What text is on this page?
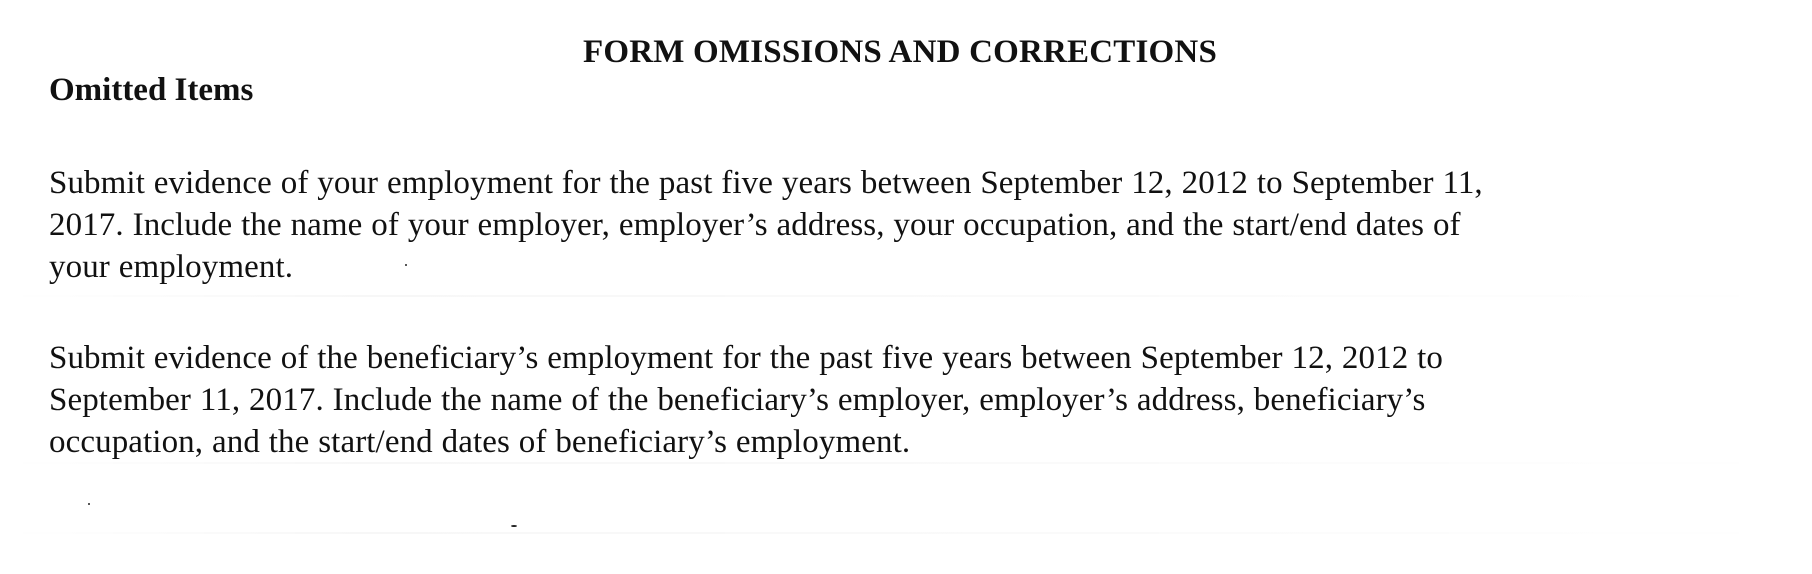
FORM OMISSIONS AND CORRECTIONS
Omitted Items

Submit evidence of your employment for the past five years between September 12, 2012 to September 11,
2017. Include the name of your employer, employer’s address, your occupation, and the start/end dates of
your employment.

Submit evidence of the beneficiary’s employment for the past five years between September 12, 2012 to
September 11, 2017. Include the name of the beneficiary’s employer, employer’s address, beneficiary’s
occupation, and the start/end dates of beneficiary’s employment.
